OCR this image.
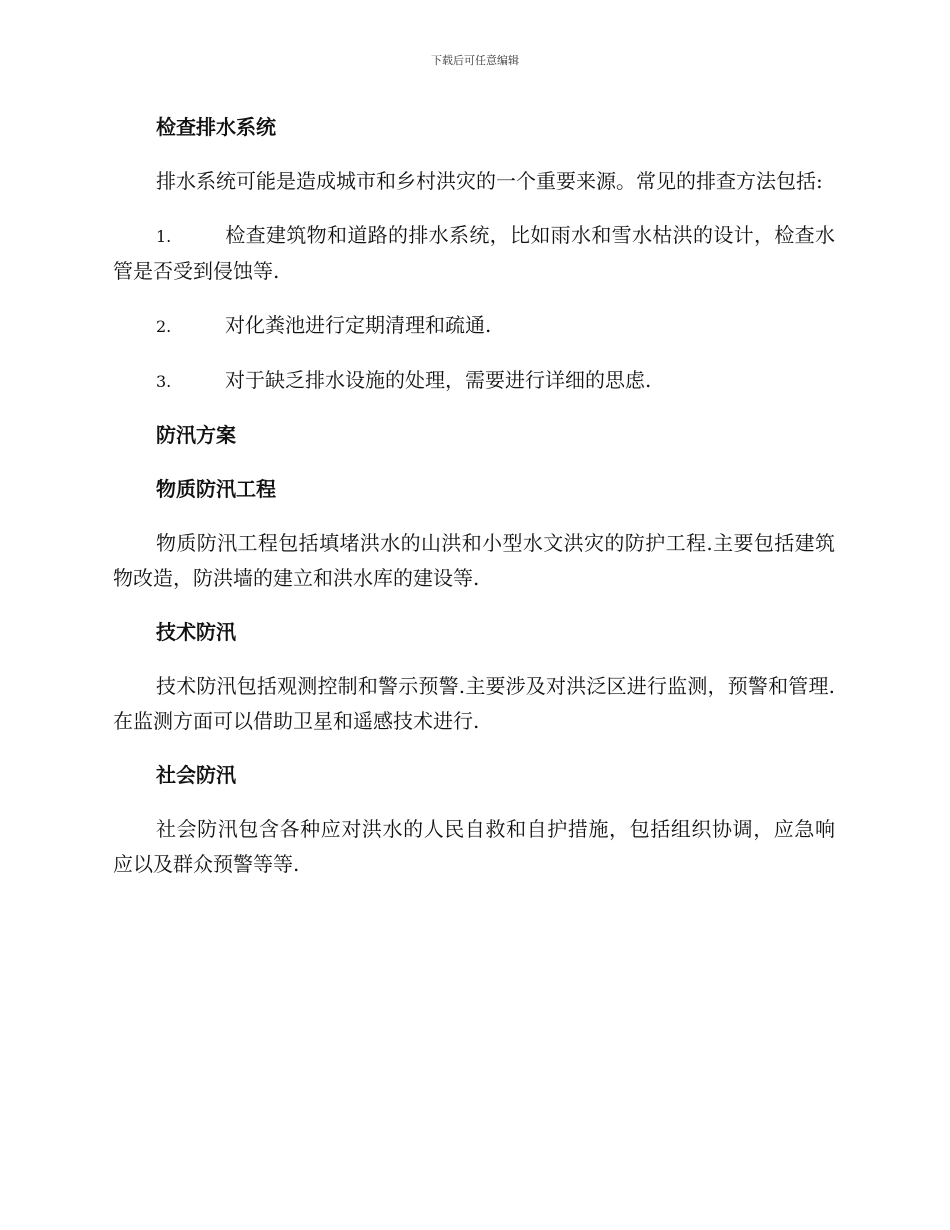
下载后可任意编辑
检查排水系统

排水系统可能是造成城市和乡村洪灾的一个重要来源。常见的排查方法包括:

1.	检查建筑物和道路的排水系统，比如雨水和雪水枯洪的设计，检查水管是否受到侵蚀等.

2.	对化粪池进行定期清理和疏通.

3.	对于缺乏排水设施的处理，需要进行详细的思虑.

防汛方案
物质防汛工程

物质防汛工程包括填堵洪水的山洪和小型水文洪灾的防护工程.主要包括建筑物改造，防洪墙的建立和洪水库的建设等.

技术防汛

技术防汛包括观测控制和警示预警.主要涉及对洪泛区进行监测，预警和管理.在监测方面可以借助卫星和遥感技术进行.

社会防汛

社会防汛包含各种应对洪水的人民自救和自护措施，包括组织协调，应急响应以及群众预警等等.
